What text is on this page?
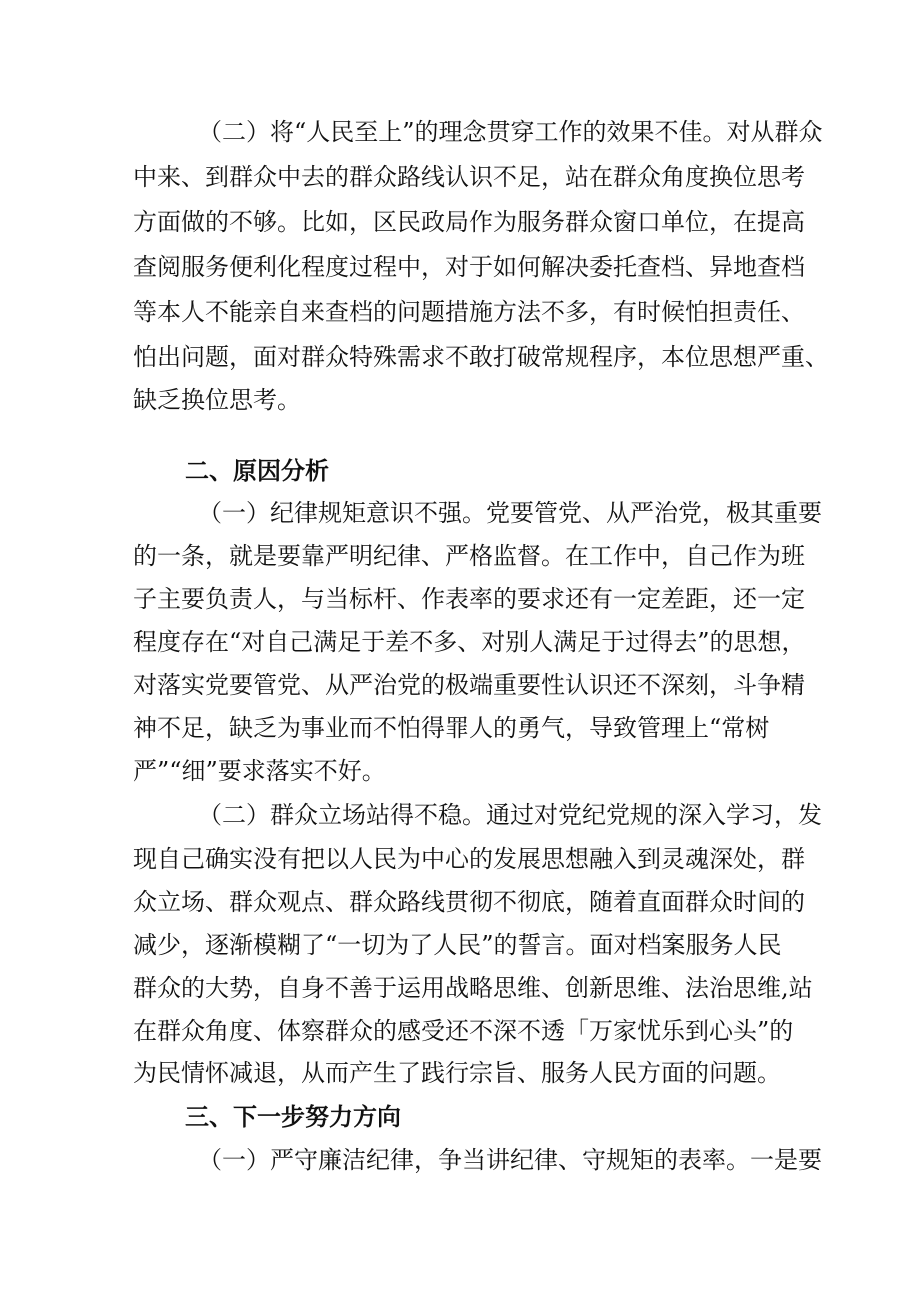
（二）将“人民至上”的理念贯穿工作的效果不佳。对从群众
中来、到群众中去的群众路线认识不足，站在群众角度换位思考
方面做的不够。比如，区民政局作为服务群众窗口单位，在提高
查阅服务便利化程度过程中，对于如何解决委托查档、异地查档
等本人不能亲自来查档的问题措施方法不多，有时候怕担责任、
怕出问题，面对群众特殊需求不敢打破常规程序，本位思想严重、
缺乏换位思考。
二、原因分析
（一）纪律规矩意识不强。党要管党、从严治党，极其重要
的一条，就是要靠严明纪律、严格监督。在工作中，自己作为班
子主要负责人，与当标杆、作表率的要求还有一定差距，还一定
程度存在“对自己满足于差不多、对别人满足于过得去”的思想，
对落实党要管党、从严治党的极端重要性认识还不深刻，斗争精
神不足，缺乏为事业而不怕得罪人的勇气，导致管理上“常树
严”“细”要求落实不好。
（二）群众立场站得不稳。通过对党纪党规的深入学习，发
现自己确实没有把以人民为中心的发展思想融入到灵魂深处，群
众立场、群众观点、群众路线贯彻不彻底，随着直面群众时间的
减少，逐渐模糊了“一切为了人民”的誓言。面对档案服务人民
群众的大势，自身不善于运用战略思维、创新思维、法治思维,站
在群众角度、体察群众的感受还不深不透「万家忧乐到心头”的
为民情怀减退，从而产生了践行宗旨、服务人民方面的问题。
三、下一步努力方向
（一）严守廉洁纪律，争当讲纪律、守规矩的表率。一是要
